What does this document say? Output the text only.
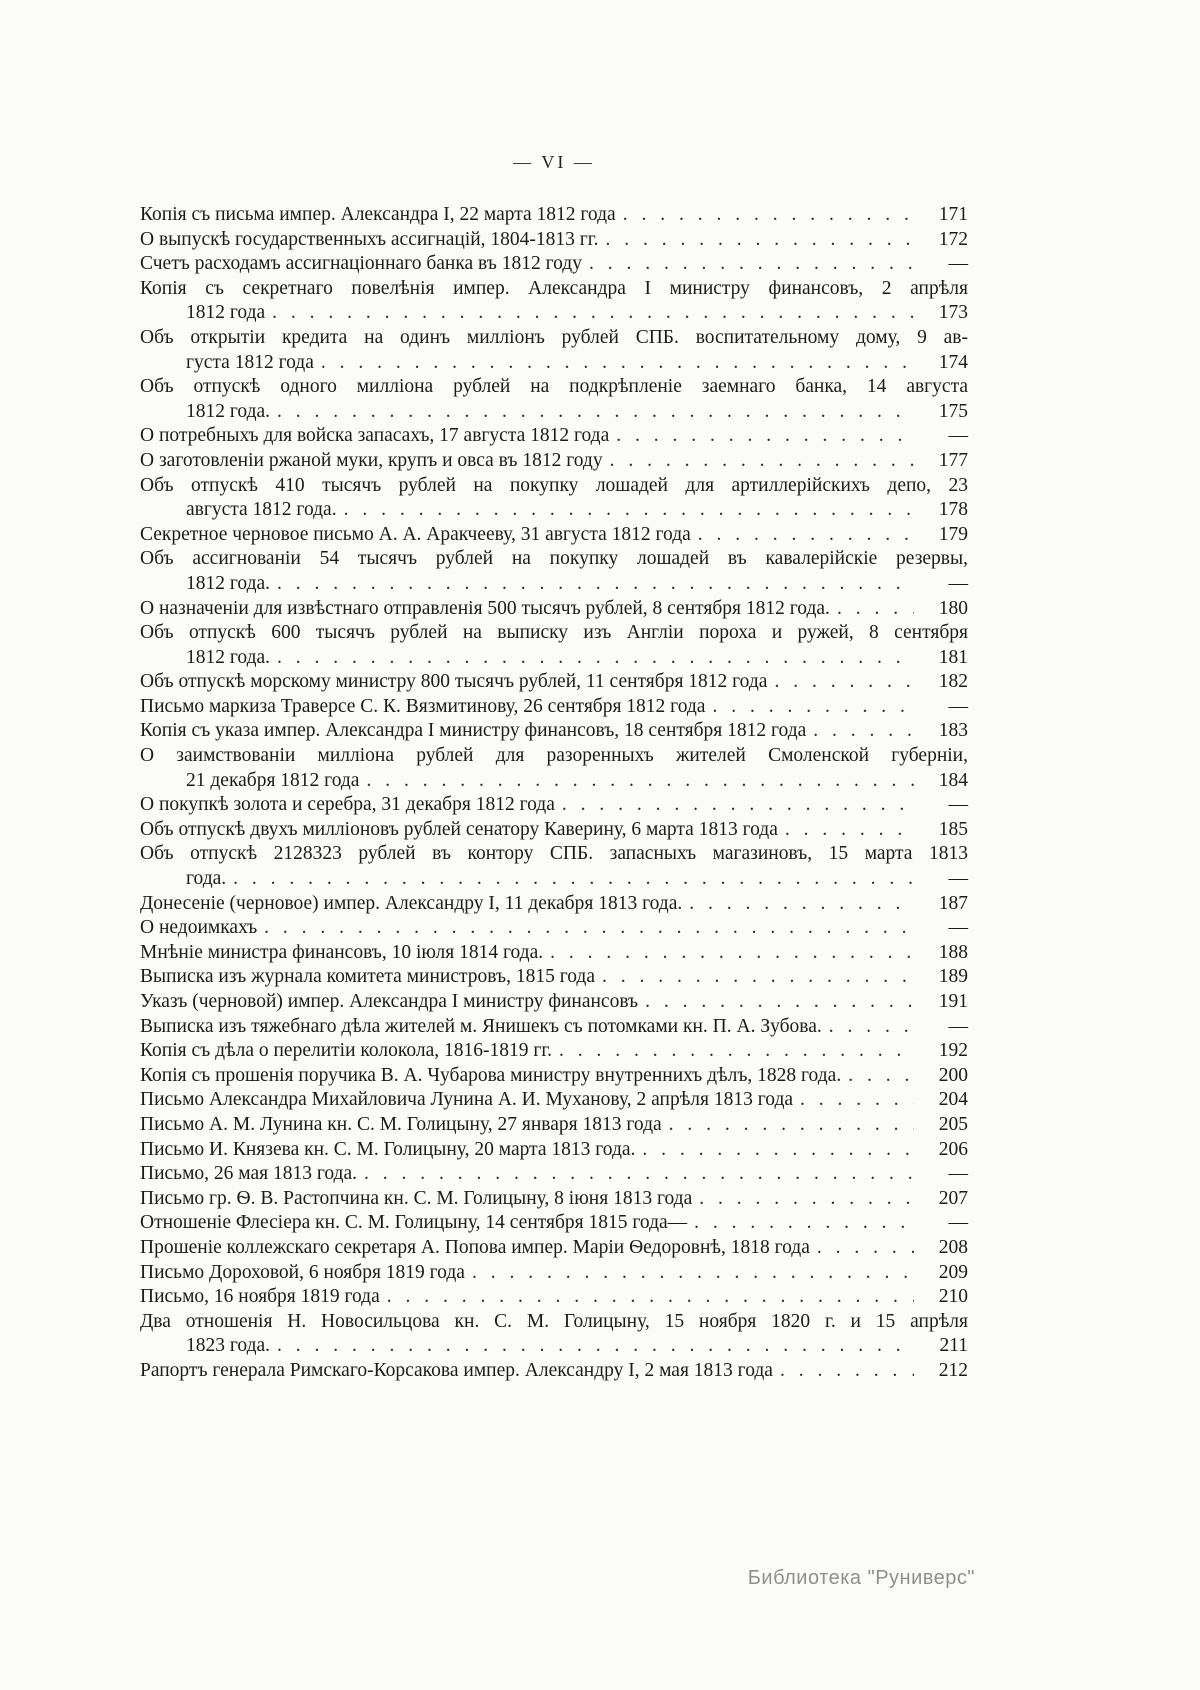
— VI —
Копія съ письма импер. Александра I, 22 марта 1812 года . . .	171
О выпускѣ государственныхъ ассигнацій, 1804-1813 гг. . . .	172
Счетъ расходамъ ассигнаціоннаго банка въ 1812 году . . .	—
Копія съ секретнаго повелѣнія импер. Александра I министру финансовъ, 2 апрѣля
1812 года . . .	173
Объ открытіи кредита на одинъ милліонъ рублей СПБ. воспитательному дому, 9 ав-
густа 1812 года . . .	174
Объ отпускѣ одного милліона рублей на подкрѣпленіе заемнаго банка, 14 августа
1812 года. . . .	175
О потребныхъ для войска запасахъ, 17 августа 1812 года . . .	—
О заготовленіи ржаной муки, крупъ и овса въ 1812 году . . .	177
Объ отпускѣ 410 тысячъ рублей на покупку лошадей для артиллерійскихъ депо, 23
августа 1812 года. . . .	178
Секретное черновое письмо А. А. Аракчееву, 31 августа 1812 года . . .	179
Объ ассигнованіи 54 тысячъ рублей на покупку лошадей въ кавалерійскіе резервы,
1812 года. . . .	—
О назначеніи для извѣстнаго отправленія 500 тысячъ рублей, 8 сентября 1812 года. . . .	180
Объ отпускѣ 600 тысячъ рублей на выписку изъ Англіи пороха и ружей, 8 сентября
1812 года. . . .	181
Объ отпускѣ морскому министру 800 тысячъ рублей, 11 сентября 1812 года . . .	182
Письмо маркиза Траверсе С. К. Вязмитинову, 26 сентября 1812 года . . .	—
Копія съ указа импер. Александра I министру финансовъ, 18 сентября 1812 года . . .	183
О заимствованіи милліона рублей для разоренныхъ жителей Смоленской губерніи,
21 декабря 1812 года . . .	184
О покупкѣ золота и серебра, 31 декабря 1812 года . . .	—
Объ отпускѣ двухъ милліоновъ рублей сенатору Каверину, 6 марта 1813 года . . .	185
Объ отпускѣ 2128323 рублей въ контору СПБ. запасныхъ магазиновъ, 15 марта 1813
года. . . .	—
Донесеніе (черновое) импер. Александру I, 11 декабря 1813 года. . . .	187
О недоимкахъ . . .	—
Мнѣніе министра финансовъ, 10 іюля 1814 года. . . .	188
Выписка изъ журнала комитета министровъ, 1815 года . . .	189
Указъ (черновой) импер. Александра I министру финансовъ . . .	191
Выписка изъ тяжебнаго дѣла жителей м. Янишекъ съ потомками кн. П. А. Зубова. . . .	—
Копія съ дѣла о перелитіи колокола, 1816-1819 гг. . . .	192
Копія съ прошенія поручика В. А. Чубарова министру внутреннихъ дѣлъ, 1828 года. . . .	200
Письмо Александра Михайловича Лунина А. И. Муханову, 2 апрѣля 1813 года . . .	204
Письмо А. М. Лунина кн. С. М. Голицыну, 27 января 1813 года . . .	205
Письмо И. Князева кн. С. М. Голицыну, 20 марта 1813 года. . . .	206
Письмо, 26 мая 1813 года. . . .	—
Письмо гр. Ѳ. В. Растопчина кн. С. М. Голицыну, 8 іюня 1813 года . . .	207
Отношеніе Флесіера кн. С. М. Голицыну, 14 сентября 1815 года— . . .	—
Прошеніе коллежскаго секретаря А. Попова импер. Маріи Ѳедоровнѣ, 1818 года . . .	208
Письмо Дороховой, 6 ноября 1819 года . . .	209
Письмо, 16 ноября 1819 года . . .	210
Два отношенія Н. Новосильцова кн. С. М. Голицыну, 15 ноября 1820 г. и 15 апрѣля
1823 года. . . .	211
Рапортъ генерала Римскаго-Корсакова импер. Александру I, 2 мая 1813 года . . .	212
Библиотека "Руниверс"
